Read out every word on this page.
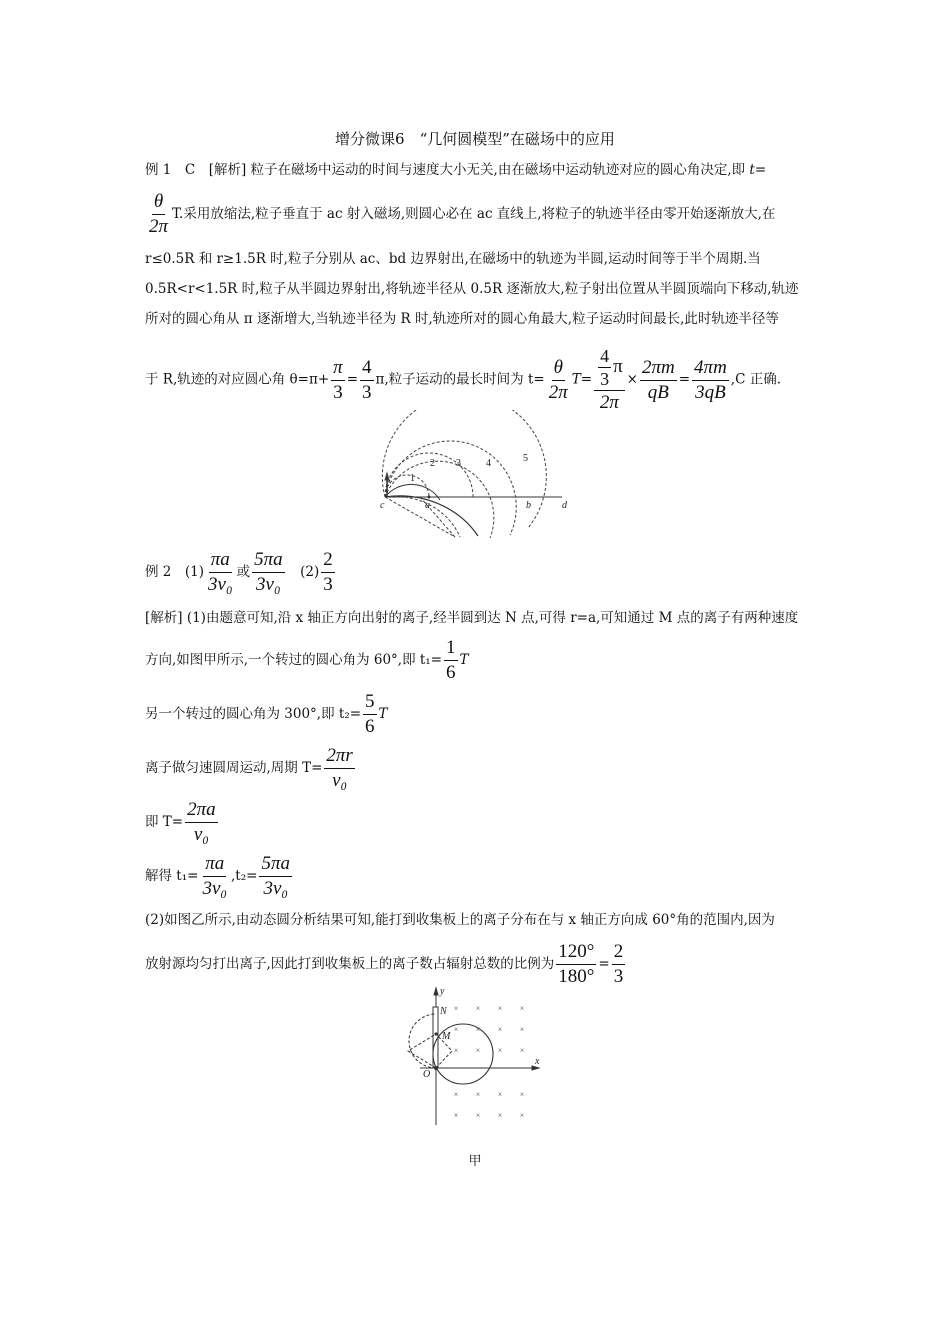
增分微课6　“几何圆模型”在磁场中的应用
例 1　C　[解析] 粒子在磁场中运动的时间与速度大小无关,由在磁场中运动轨迹对应的圆心角决定,即 t=
$\frac{\theta}{2\pi} T$.采用放缩法,粒子垂直于 ac 射入磁场,则圆心必在 ac 直线上,将粒子的轨迹半径由零开始逐渐放大,在
r≤0.5R 和 r≥1.5R 时,粒子分别从 ac、bd 边界射出,在磁场中的轨迹为半圆,运动时间等于半个周期.当
0.5R<r<1.5R 时,粒子从半圆边界射出,将轨迹半径从 0.5R 逐渐放大,粒子射出位置从半圆顶端向下移动,轨迹
所对的圆心角从 π 逐渐增大,当轨迹半径为 R 时,轨迹所对的圆心角最大,粒子运动时间最长,此时轨迹半径等
于 R,轨迹的对应圆心角 $\theta=\pi+ \frac{\pi}{3} = \frac{4}{3} \pi$,粒子运动的最长时间为 $t= \frac{\theta}{2\pi} T= \frac{\frac{4}{3} \pi}{2\pi} \times \frac{2\pi m}{qB} = \frac{4\pi m}{3qB} ,C$ 正确.
1
2 3	4	5
c	a	b	d
例 2　$(1) \frac{\pi a}{\text{3v₀}}$ 或 $\frac{5\pi a}{\text{3v₀}}$ 　$(2) \frac{2}{3}$
[解析] (1)由题意可知,沿 x 轴正方向出射的离子,经半圆到达 N 点,可得 r=a,可知通过 M 点的离子有两种速度
方向,如图甲所示,一个转过的圆心角为 60°,即 $t_1= \frac{1}{6}$ T
另一个转过的圆心角为 300°,即 $t_2= \frac{5}{6}$ T
离子做匀速圆周运动,周期 $T= \frac{2\pi r}{\text{v₀}}$
即 $T= \frac{2\pi a}{\text{v₀}}$
解得 $t_1= \frac{\pi a}{\text{3v₀}} ,t_2= \frac{5\pi a}{\text{3v₀}}$
(2)如图乙所示,由动态圆分析结果可知,能打到收集板上的离子分布在与 x 轴正方向成 60°角的范围内,因为
放射源均匀打出离子,因此打到收集板上的离子数占辐射总数的比例为 $\frac{120^\circ}{180^\circ} = \frac{2}{3}$
× × × ×
× × × ×
× × × ×
× × × ×
× × × ×
y
N
M
O
x
甲
